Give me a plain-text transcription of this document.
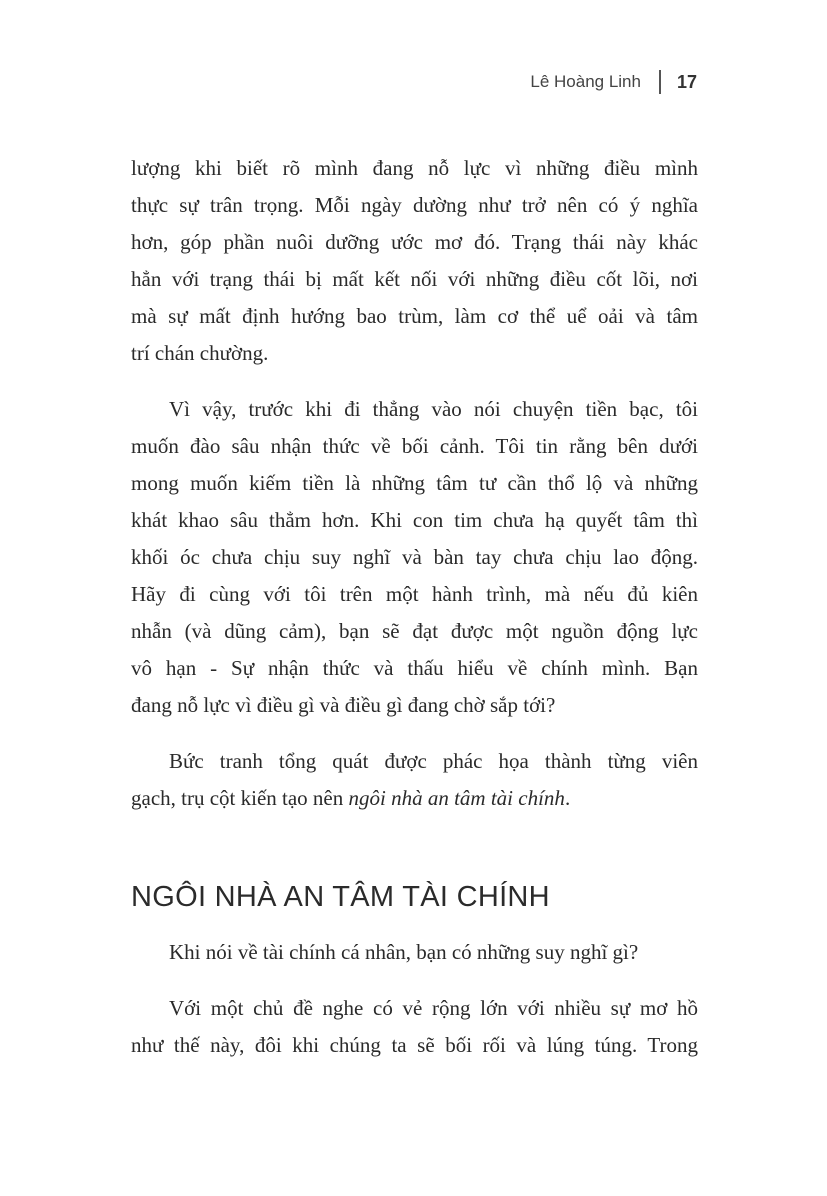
Lê Hoàng Linh 17

lượng khi biết rõ mình đang nỗ lực vì những điều mình
thực sự trân trọng. Mỗi ngày dường như trở nên có ý nghĩa
hơn, góp phần nuôi dưỡng ước mơ đó. Trạng thái này khác
hẳn với trạng thái bị mất kết nối với những điều cốt lõi, nơi
mà sự mất định hướng bao trùm, làm cơ thể uể oải và tâm
trí chán chường.

Vì vậy, trước khi đi thẳng vào nói chuyện tiền bạc, tôi
muốn đào sâu nhận thức về bối cảnh. Tôi tin rằng bên dưới
mong muốn kiếm tiền là những tâm tư cần thổ lộ và những
khát khao sâu thẳm hơn. Khi con tim chưa hạ quyết tâm thì
khối óc chưa chịu suy nghĩ và bàn tay chưa chịu lao động.
Hãy đi cùng với tôi trên một hành trình, mà nếu đủ kiên
nhẫn (và dũng cảm), bạn sẽ đạt được một nguồn động lực
vô hạn - Sự nhận thức và thấu hiểu về chính mình. Bạn
đang nỗ lực vì điều gì và điều gì đang chờ sắp tới?

Bức tranh tổng quát được phác họa thành từng viên
gạch, trụ cột kiến tạo nên ngôi nhà an tâm tài chính.

NGÔI NHÀ AN TÂM TÀI CHÍNH

Khi nói về tài chính cá nhân, bạn có những suy nghĩ gì?

Với một chủ đề nghe có vẻ rộng lớn với nhiều sự mơ hồ
như thế này, đôi khi chúng ta sẽ bối rối và lúng túng. Trong
